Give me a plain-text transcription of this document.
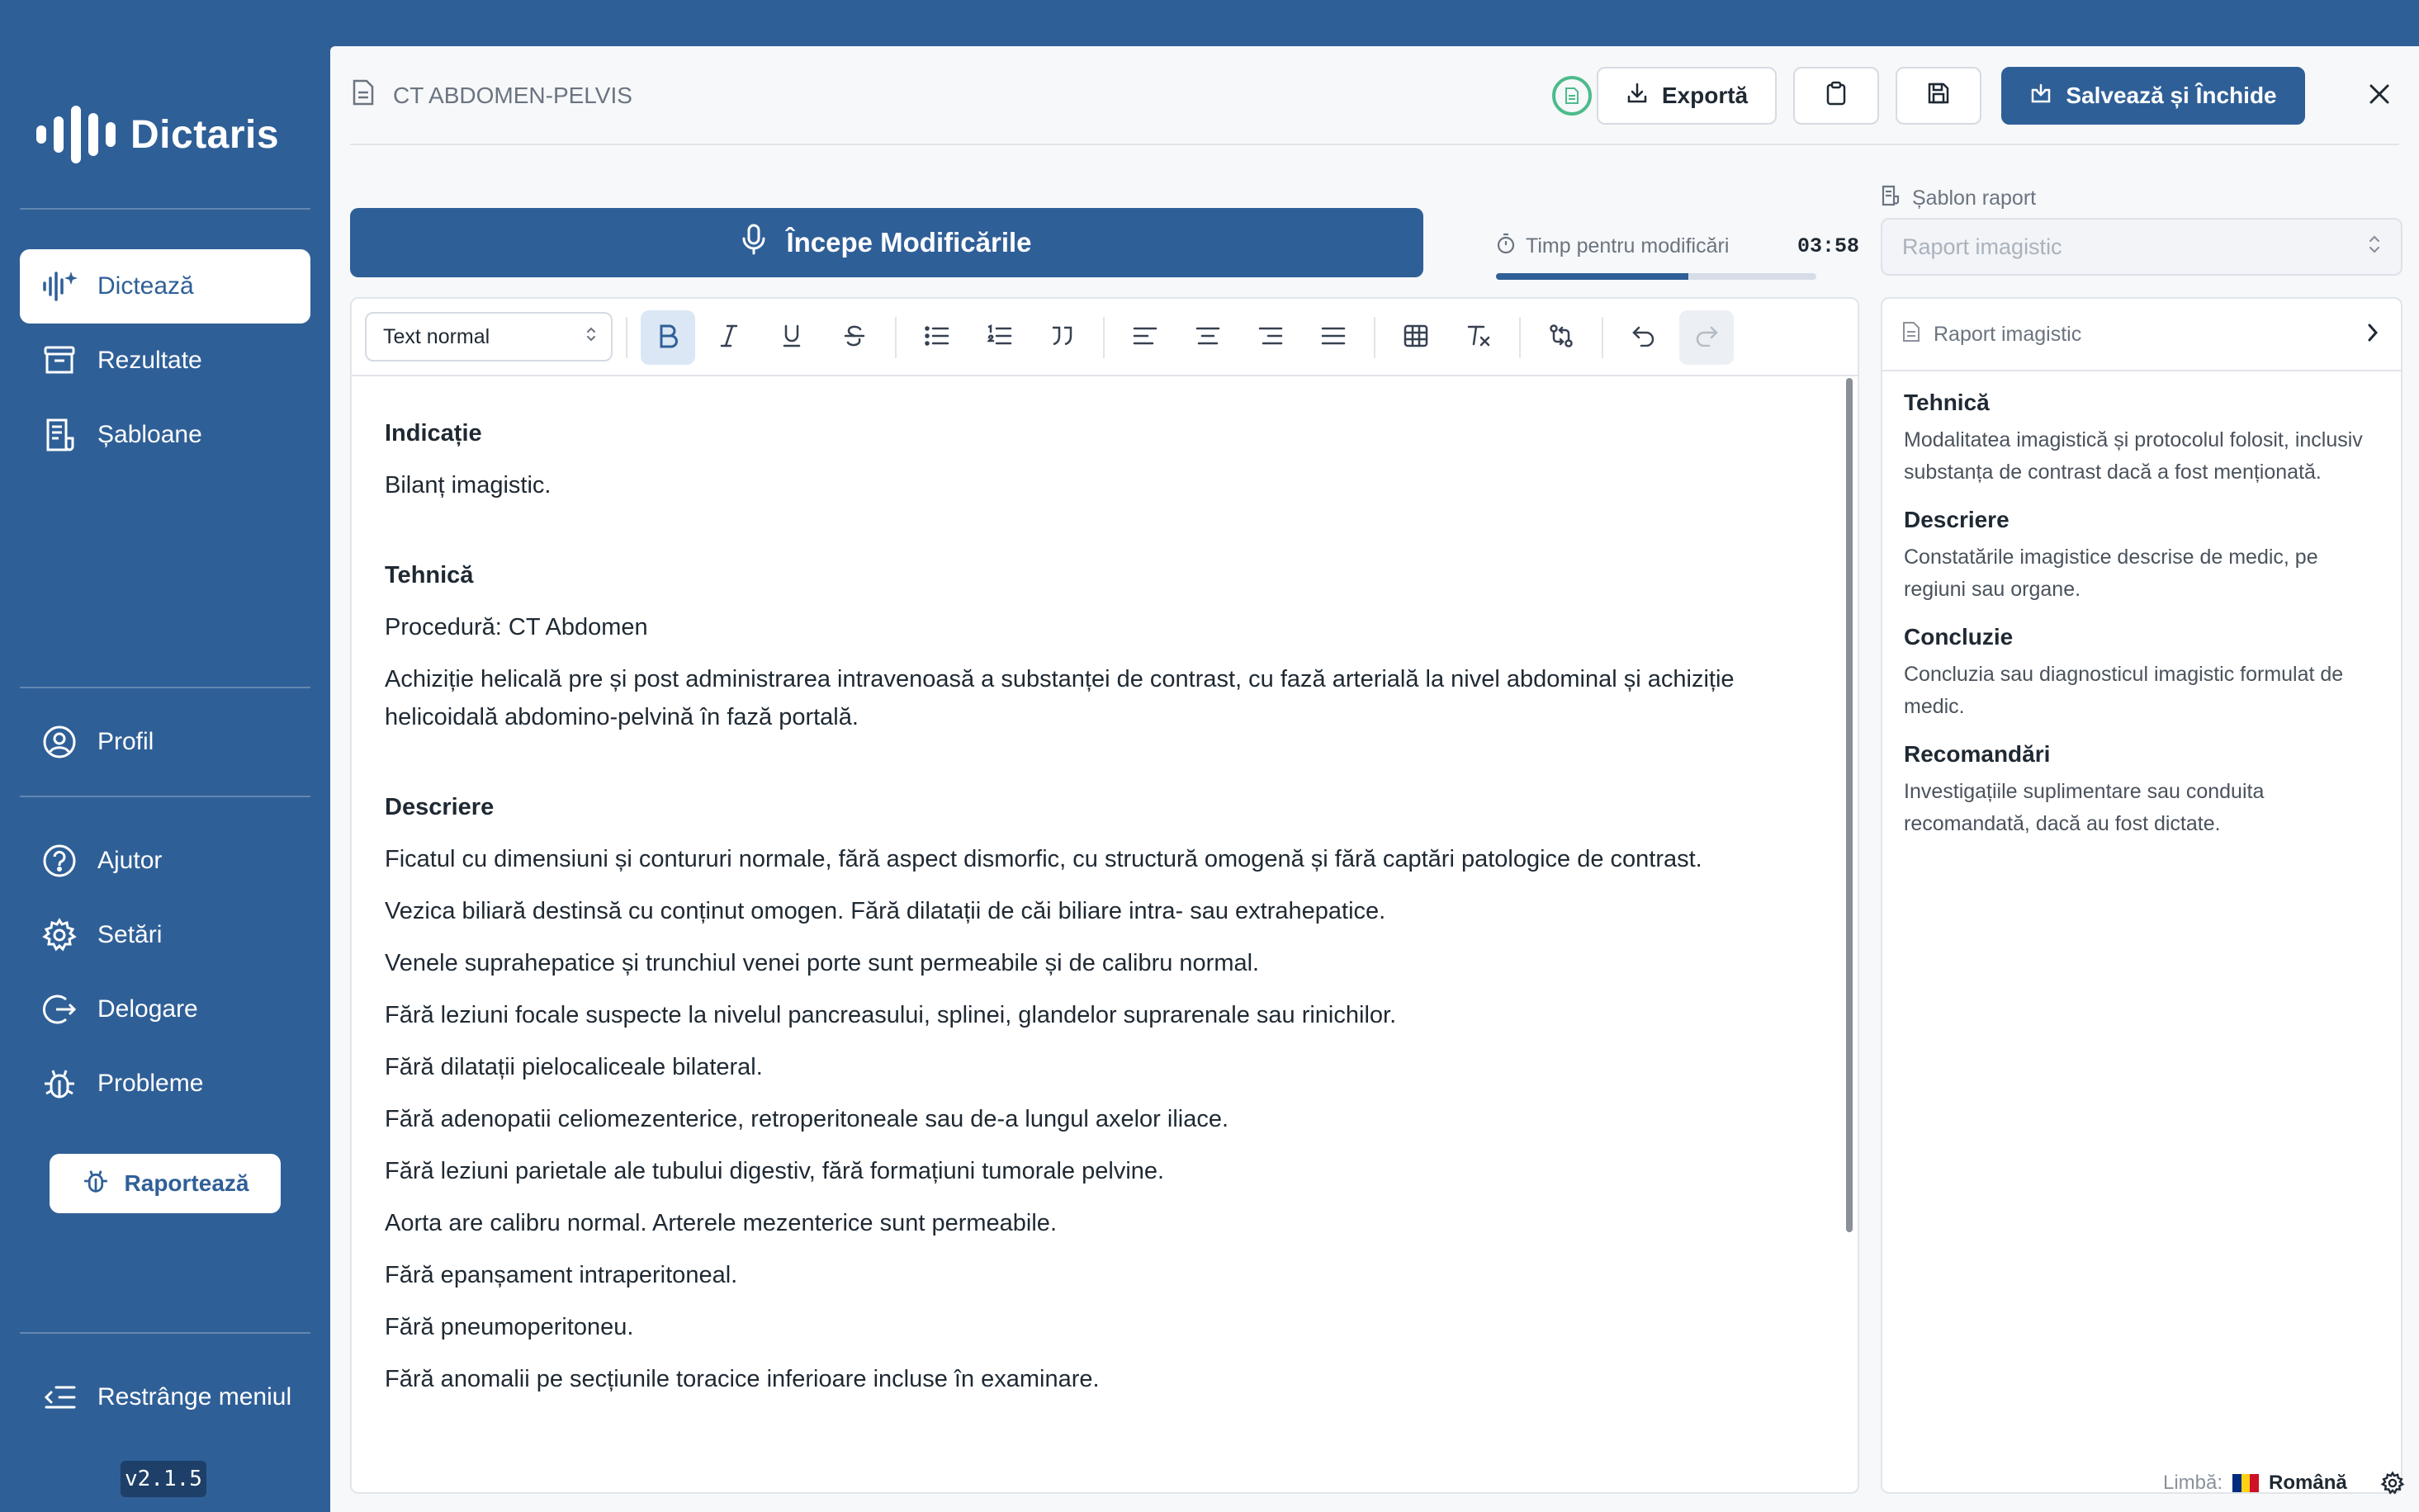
Dictaris
Dictează
Rezultate
Șabloane
Profil
Ajutor
Setări
Delogare
Probleme
Raportează
Restrânge meniul
v2.1.5
CT ABDOMEN-PELVIS	Exportă	Salvează și Închide
Începe Modificările	Timp pentru modificări	03:58
Șablon raport
Raport imagistic
Text normal

Indicație

Bilanț imagistic.

Tehnică

Procedură: CT Abdomen

Achiziție helicală pre și post administrarea intravenoasă a substanței de contrast, cu fază arterială la nivel abdominal și achiziție helicoidală abdomino-pelvină în fază portală.

Descriere

Ficatul cu dimensiuni și contururi normale, fără aspect dismorfic, cu structură omogenă și fără captări patologice de contrast.

Vezica biliară destinsă cu conținut omogen. Fără dilatații de căi biliare intra- sau extrahepatice.

Venele suprahepatice și trunchiul venei porte sunt permeabile și de calibru normal.

Fără leziuni focale suspecte la nivelul pancreasului, splinei, glandelor suprarenale sau rinichilor.

Fără dilatații pielocaliceale bilateral.

Fără adenopatii celiomezenterice, retroperitoneale sau de-a lungul axelor iliace.

Fără leziuni parietale ale tubului digestiv, fără formațiuni tumorale pelvine.

Aorta are calibru normal. Arterele mezenterice sunt permeabile.

Fără epanșament intraperitoneal.

Fără pneumoperitoneu.

Fără anomalii pe secțiunile toracice inferioare incluse în examinare.

Raport imagistic
Tehnică
Modalitatea imagistică și protocolul folosit, inclusiv substanța de contrast dacă a fost menționată.
Descriere
Constatările imagistice descrise de medic, pe regiuni sau organe.
Concluzie
Concluzia sau diagnosticul imagistic formulat de medic.
Recomandări
Investigațiile suplimentare sau conduita recomandată, dacă au fost dictate.
Limbă: Română
